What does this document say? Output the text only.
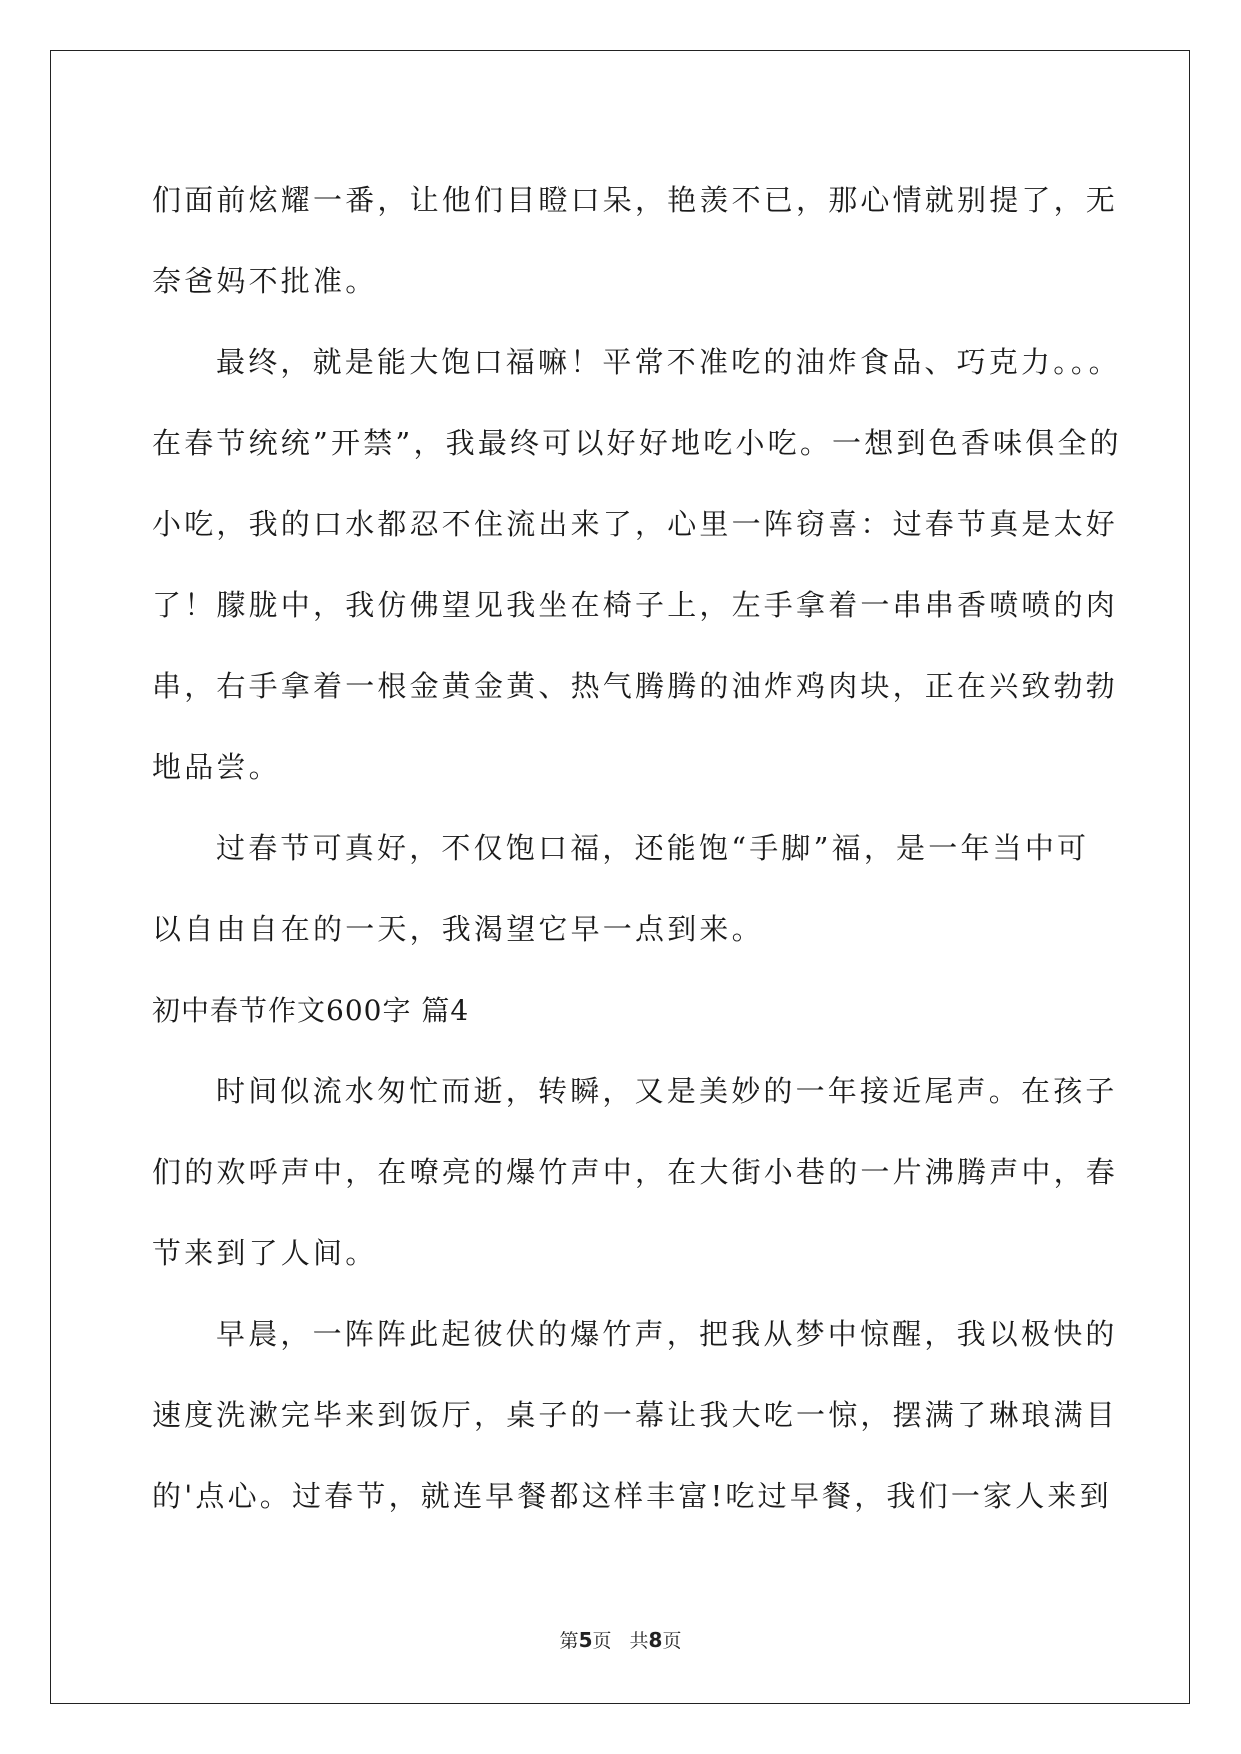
们面前炫耀一番，让他们目瞪口呆，艳羡不已，那心情就别提了，无
奈爸妈不批准。
最终，就是能大饱口福嘛！平常不准吃的油炸食品、巧克力。。。
在春节统统”开禁”，我最终可以好好地吃小吃。一想到色香味俱全的
小吃，我的口水都忍不住流出来了，心里一阵窃喜：过春节真是太好
了！朦胧中，我仿佛望见我坐在椅子上，左手拿着一串串香喷喷的肉
串，右手拿着一根金黄金黄、热气腾腾的油炸鸡肉块，正在兴致勃勃
地品尝。
过春节可真好，不仅饱口福，还能饱“手脚”福，是一年当中可
以自由自在的一天，我渴望它早一点到来。
初中春节作文600字 篇4
时间似流水匆忙而逝，转瞬，又是美妙的一年接近尾声。在孩子
们的欢呼声中，在嘹亮的爆竹声中，在大街小巷的一片沸腾声中，春
节来到了人间。
早晨，一阵阵此起彼伏的爆竹声，把我从梦中惊醒，我以极快的
速度洗漱完毕来到饭厅，桌子的一幕让我大吃一惊，摆满了琳琅满目
的'点心。过春节，就连早餐都这样丰富!吃过早餐，我们一家人来到
第5页 共8页
